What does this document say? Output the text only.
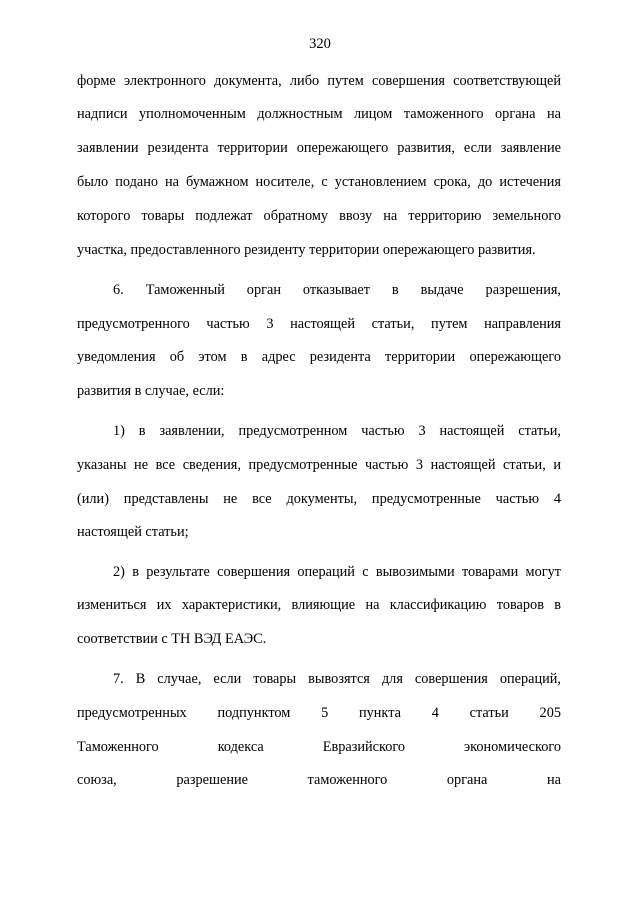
320
форме электронного документа, либо путем совершения соответствующей
надписи уполномоченным должностным лицом таможенного органа на
заявлении резидента территории опережающего развития, если заявление
было подано на бумажном носителе, с установлением срока, до истечения
которого товары подлежат обратному ввозу на территорию земельного
участка, предоставленного резиденту территории опережающего развития.
6. Таможенный орган отказывает в выдаче разрешения,
предусмотренного частью 3 настоящей статьи, путем направления
уведомления об этом в адрес резидента территории опережающего
развития в случае, если:
1) в заявлении, предусмотренном частью 3 настоящей статьи,
указаны не все сведения, предусмотренные частью 3 настоящей статьи, и
(или) представлены не все документы, предусмотренные частью 4
настоящей статьи;
2) в результате совершения операций с вывозимыми товарами могут
измениться их характеристики, влияющие на классификацию товаров в
соответствии с ТН ВЭД ЕАЭС.
7. В случае, если товары вывозятся для совершения операций,
предусмотренных подпунктом 5 пункта 4 статьи 205
Таможенного кодекса Евразийского экономического
союза, разрешение таможенного органа на
